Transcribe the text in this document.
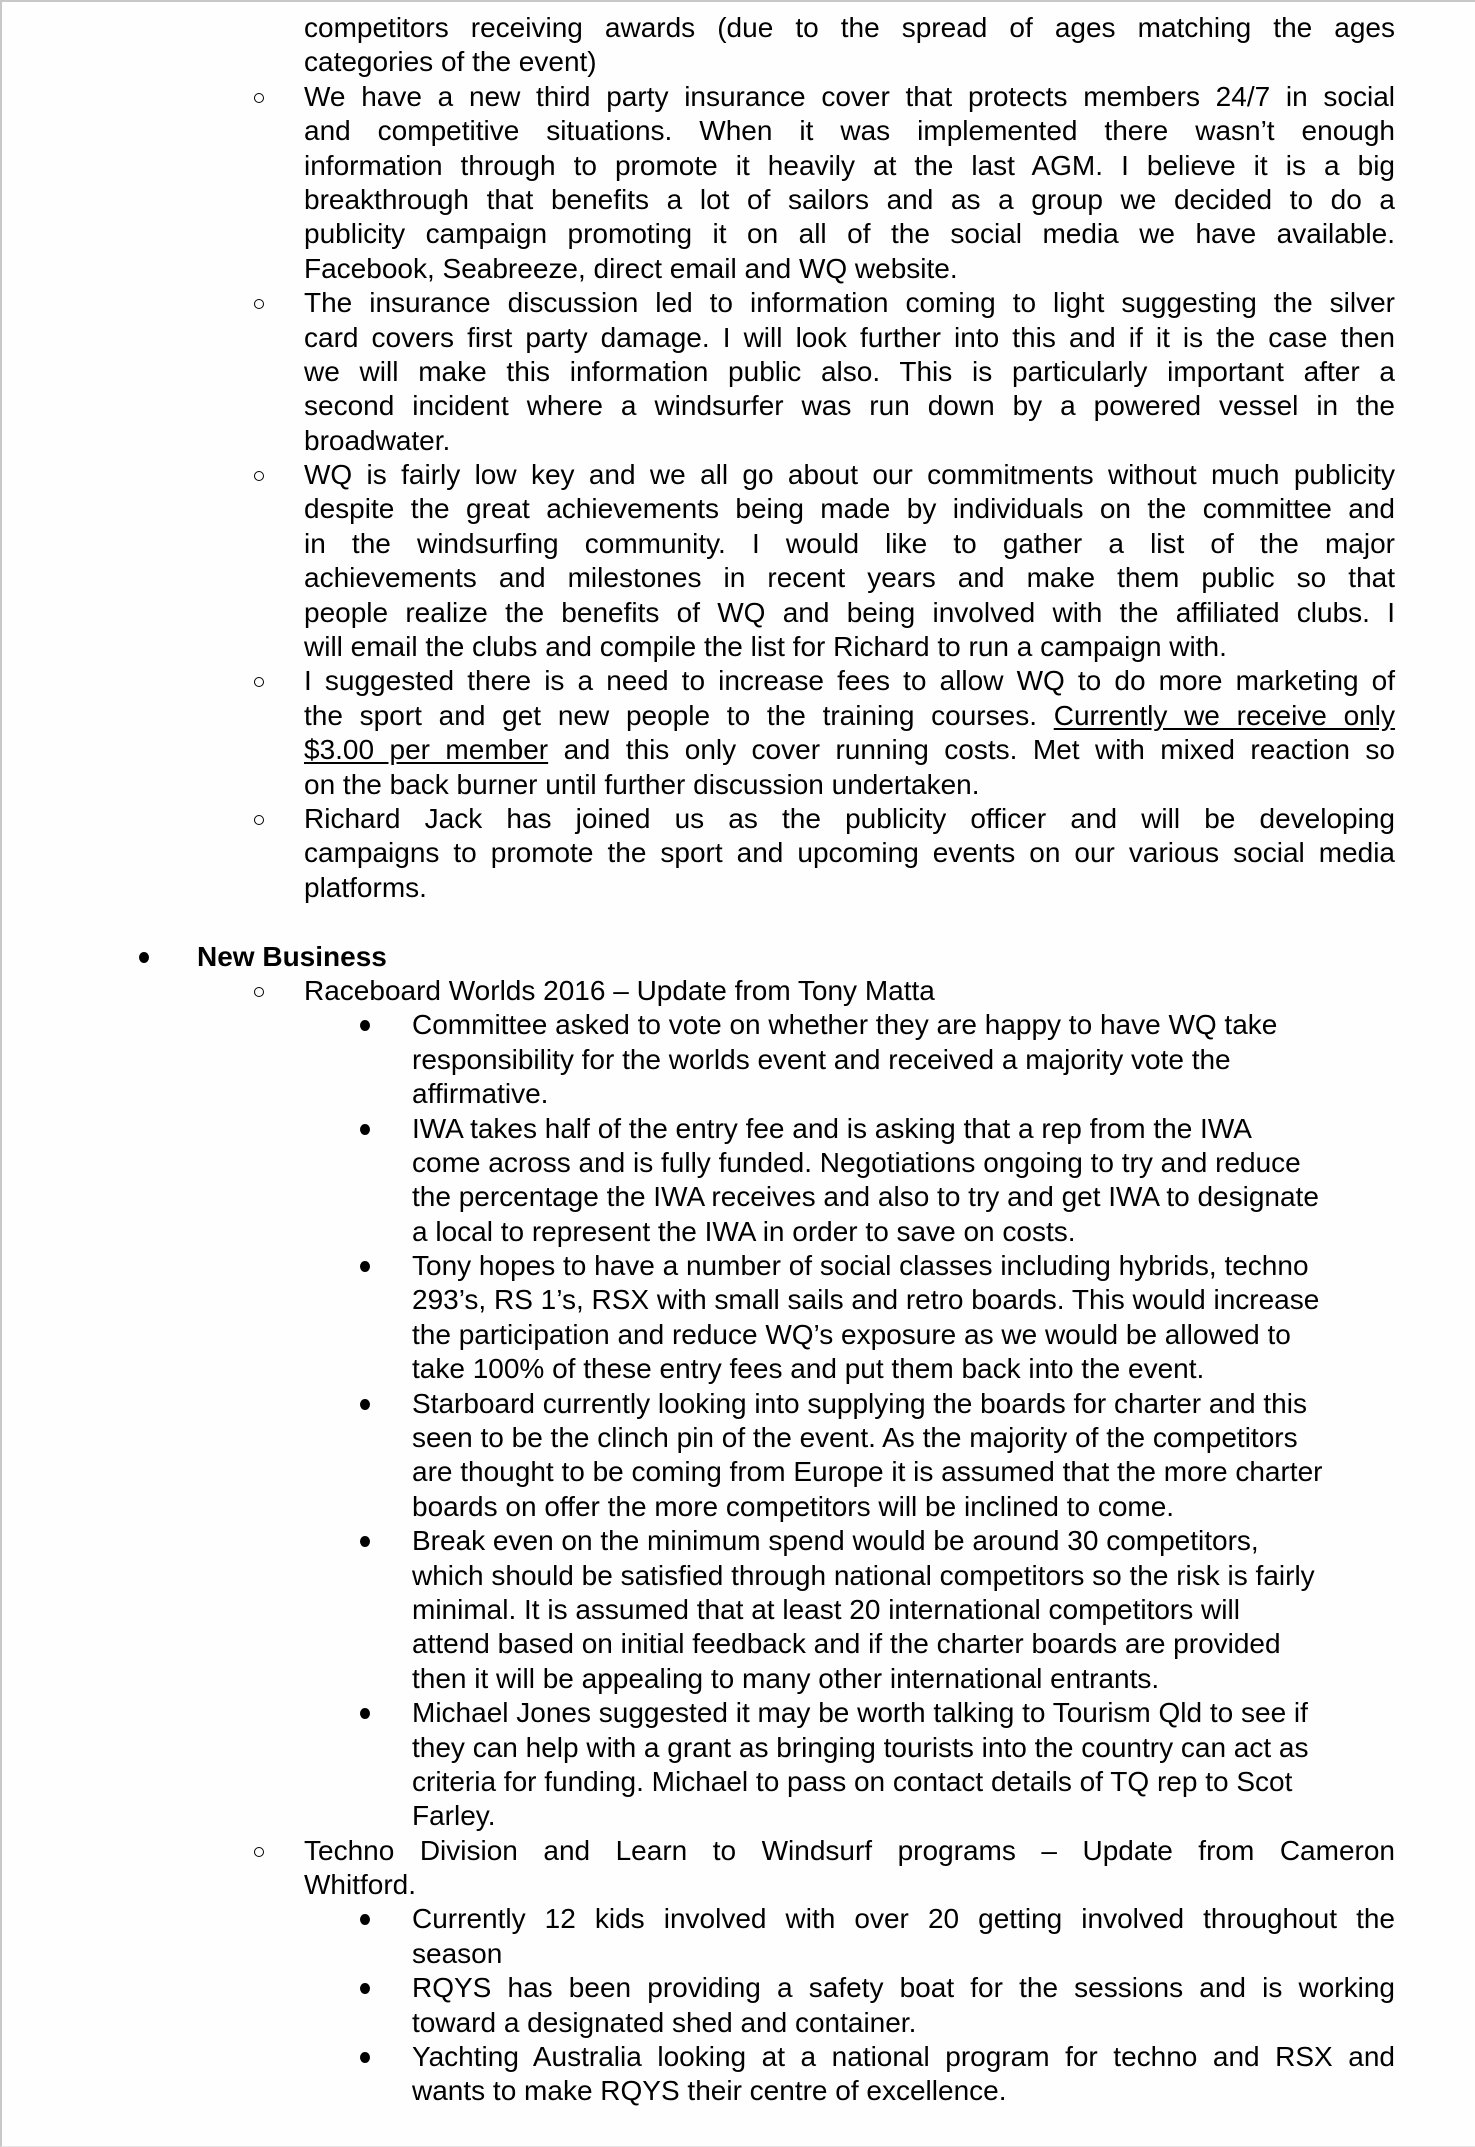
competitors receiving awards (due to the spread of ages matching the ages
categories of the event)
We have a new third party insurance cover that protects members 24/7 in social
and competitive situations. When it was implemented there wasn’t enough
information through to promote it heavily at the last AGM. I believe it is a big
breakthrough that benefits a lot of sailors and as a group we decided to do a
publicity campaign promoting it on all of the social media we have available.
Facebook, Seabreeze, direct email and WQ website.
The insurance discussion led to information coming to light suggesting the silver
card covers first party damage. I will look further into this and if it is the case then
we will make this information public also. This is particularly important after a
second incident where a windsurfer was run down by a powered vessel in the
broadwater.
WQ is fairly low key and we all go about our commitments without much publicity
despite the great achievements being made by individuals on the committee and
in the windsurfing community. I would like to gather a list of the major
achievements and milestones in recent years and make them public so that
people realize the benefits of WQ and being involved with the affiliated clubs. I
will email the clubs and compile the list for Richard to run a campaign with.
I suggested there is a need to increase fees to allow WQ to do more marketing of
the sport and get new people to the training courses. Currently we receive only
$3.00 per member and this only cover running costs. Met with mixed reaction so
on the back burner until further discussion undertaken.
Richard Jack has joined us as the publicity officer and will be developing
campaigns to promote the sport and upcoming events on our various social media
platforms.
New Business
Raceboard Worlds 2016 – Update from Tony Matta
Committee asked to vote on whether they are happy to have WQ take
responsibility for the worlds event and received a majority vote the
affirmative.
IWA takes half of the entry fee and is asking that a rep from the IWA
come across and is fully funded. Negotiations ongoing to try and reduce
the percentage the IWA receives and also to try and get IWA to designate
a local to represent the IWA in order to save on costs.
Tony hopes to have a number of social classes including hybrids, techno
293’s, RS 1’s, RSX with small sails and retro boards. This would increase
the participation and reduce WQ’s exposure as we would be allowed to
take 100% of these entry fees and put them back into the event.
Starboard currently looking into supplying the boards for charter and this
seen to be the clinch pin of the event. As the majority of the competitors
are thought to be coming from Europe it is assumed that the more charter
boards on offer the more competitors will be inclined to come.
Break even on the minimum spend would be around 30 competitors,
which should be satisfied through national competitors so the risk is fairly
minimal. It is assumed that at least 20 international competitors will
attend based on initial feedback and if the charter boards are provided
then it will be appealing to many other international entrants.
Michael Jones suggested it may be worth talking to Tourism Qld to see if
they can help with a grant as bringing tourists into the country can act as
criteria for funding. Michael to pass on contact details of TQ rep to Scot
Farley.
Techno Division and Learn to Windsurf programs – Update from Cameron
Whitford.
Currently 12 kids involved with over 20 getting involved throughout the
season
RQYS has been providing a safety boat for the sessions and is working
toward a designated shed and container.
Yachting Australia looking at a national program for techno and RSX and
wants to make RQYS their centre of excellence.
